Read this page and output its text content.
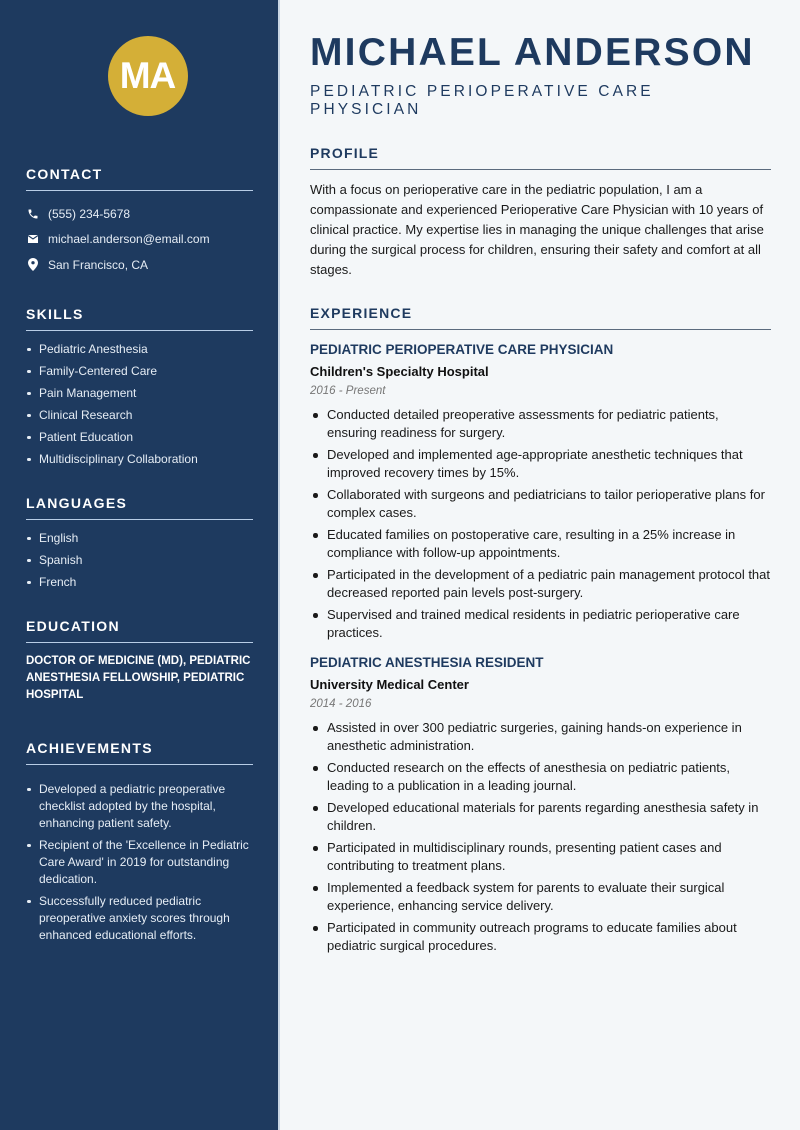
MA
CONTACT
(555) 234-5678
michael.anderson@email.com
San Francisco, CA
SKILLS
Pediatric Anesthesia
Family-Centered Care
Pain Management
Clinical Research
Patient Education
Multidisciplinary Collaboration
LANGUAGES
English
Spanish
French
EDUCATION
DOCTOR OF MEDICINE (MD), PEDIATRIC ANESTHESIA FELLOWSHIP, PEDIATRIC HOSPITAL
ACHIEVEMENTS
Developed a pediatric preoperative checklist adopted by the hospital, enhancing patient safety.
Recipient of the 'Excellence in Pediatric Care Award' in 2019 for outstanding dedication.
Successfully reduced pediatric preoperative anxiety scores through enhanced educational efforts.
MICHAEL ANDERSON
PEDIATRIC PERIOPERATIVE CARE PHYSICIAN
PROFILE

With a focus on perioperative care in the pediatric population, I am a compassionate and experienced Perioperative Care Physician with 10 years of clinical practice. My expertise lies in managing the unique challenges that arise during the surgical process for children, ensuring their safety and comfort at all stages.

EXPERIENCE
PEDIATRIC PERIOPERATIVE CARE PHYSICIAN
Children's Specialty Hospital
2016 - Present
Conducted detailed preoperative assessments for pediatric patients, ensuring readiness for surgery.
Developed and implemented age-appropriate anesthetic techniques that improved recovery times by 15%.
Collaborated with surgeons and pediatricians to tailor perioperative plans for complex cases.
Educated families on postoperative care, resulting in a 25% increase in compliance with follow-up appointments.
Participated in the development of a pediatric pain management protocol that decreased reported pain levels post-surgery.
Supervised and trained medical residents in pediatric perioperative care practices.
PEDIATRIC ANESTHESIA RESIDENT
University Medical Center
2014 - 2016
Assisted in over 300 pediatric surgeries, gaining hands-on experience in anesthetic administration.
Conducted research on the effects of anesthesia on pediatric patients, leading to a publication in a leading journal.
Developed educational materials for parents regarding anesthesia safety in children.
Participated in multidisciplinary rounds, presenting patient cases and contributing to treatment plans.
Implemented a feedback system for parents to evaluate their surgical experience, enhancing service delivery.
Participated in community outreach programs to educate families about pediatric surgical procedures.
